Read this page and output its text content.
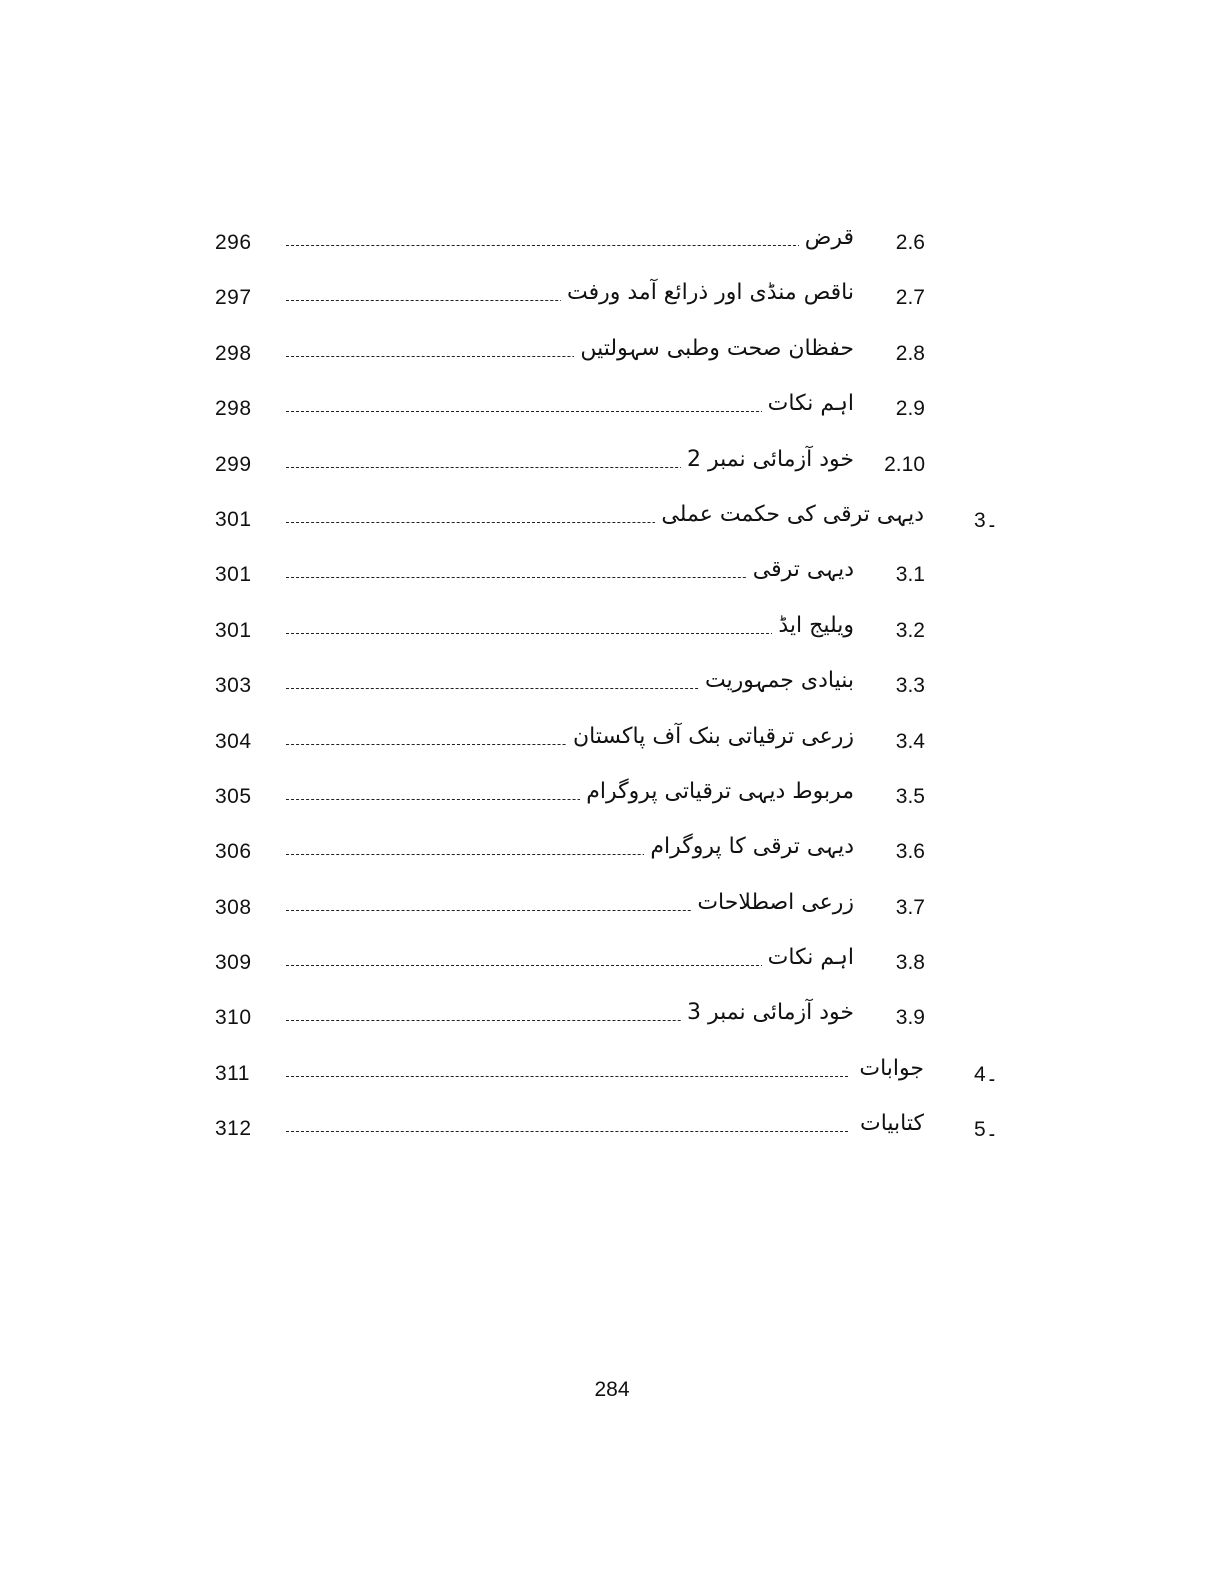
296	قرض 2.6
297	ناقص منڈی اور ذرائع آمد ورفت 2.7
298	حفظان صحت وطبی سہولتیں 2.8
298	اہم نکات 2.9
299	خود آزمائی نمبر 2 2.10
301	دیہی ترقی کی حکمت عملی 3۔
301	دیہی ترقی 3.1
301	ویلیج ایڈ 3.2
303	بنیادی جمہوریت 3.3
304	زرعی ترقیاتی بنک آف پاکستان 3.4
305	مربوط دیہی ترقیاتی پروگرام 3.5
306	دیہی ترقی کا پروگرام 3.6
308	زرعی اصطلاحات 3.7
309	اہم نکات 3.8
310	خود آزمائی نمبر 3 3.9
311	جوابات 4۔
312	کتابیات 5۔
284
